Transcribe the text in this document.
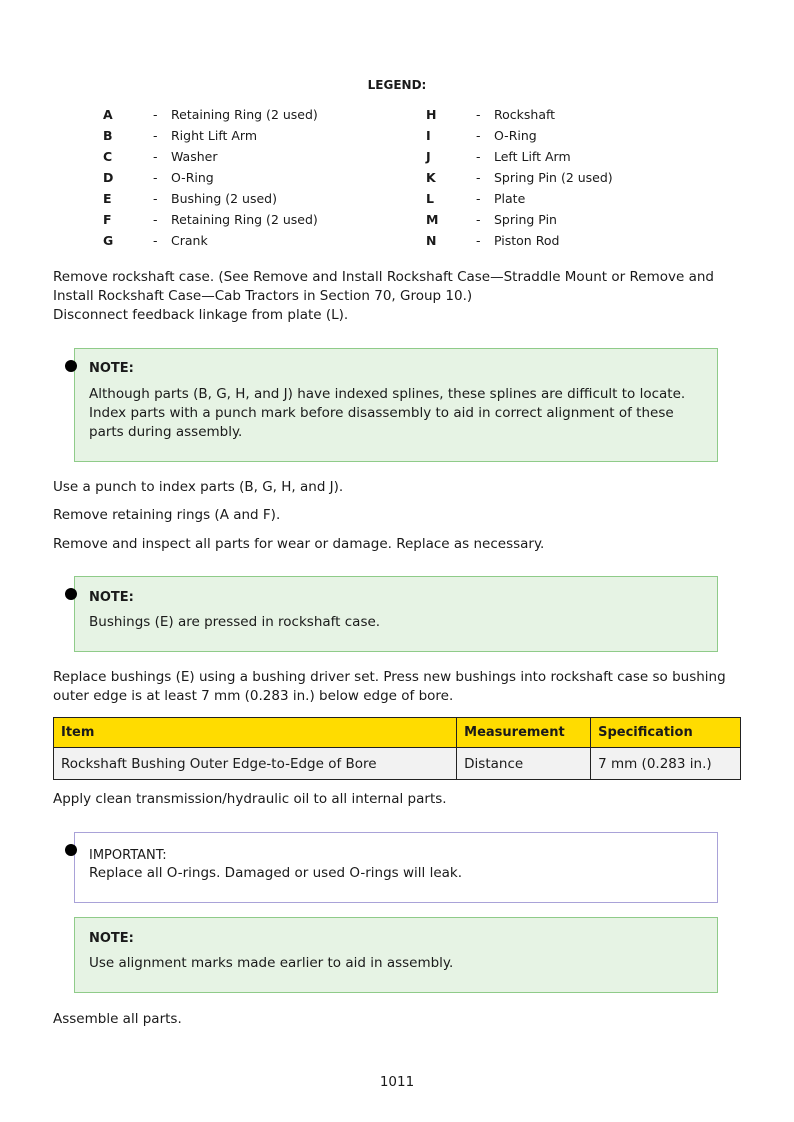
LEGEND:
A	- Retaining Ring (2 used)
B	- Right Lift Arm
C	- Washer
D	- O-Ring
E	- Bushing (2 used)
F	- Retaining Ring (2 used)
G	- Crank
H	- Rockshaft
I	- O-Ring
J	- Left Lift Arm
K	- Spring Pin (2 used)
L	- Plate
M	- Spring Pin
N	- Piston Rod
Remove rockshaft case. (See Remove and Install Rockshaft Case—Straddle Mount or Remove and Install Rockshaft Case—Cab Tractors in Section 70, Group 10.)
Disconnect feedback linkage from plate (L).
NOTE:
Although parts (B, G, H, and J) have indexed splines, these splines are difficult to locate. Index parts with a punch mark before disassembly to aid in correct alignment of these parts during assembly.
Use a punch to index parts (B, G, H, and J).
Remove retaining rings (A and F).
Remove and inspect all parts for wear or damage. Replace as necessary.
NOTE:
Bushings (E) are pressed in rockshaft case.
Replace bushings (E) using a bushing driver set. Press new bushings into rockshaft case so bushing outer edge is at least 7 mm (0.283 in.) below edge of bore.
Item	Measurement	Specification
Rockshaft Bushing Outer Edge-to-Edge of Bore	Distance	7 mm (0.283 in.)
Apply clean transmission/hydraulic oil to all internal parts.
IMPORTANT:
Replace all O-rings. Damaged or used O-rings will leak.
NOTE:
Use alignment marks made earlier to aid in assembly.
Assemble all parts.
1011
